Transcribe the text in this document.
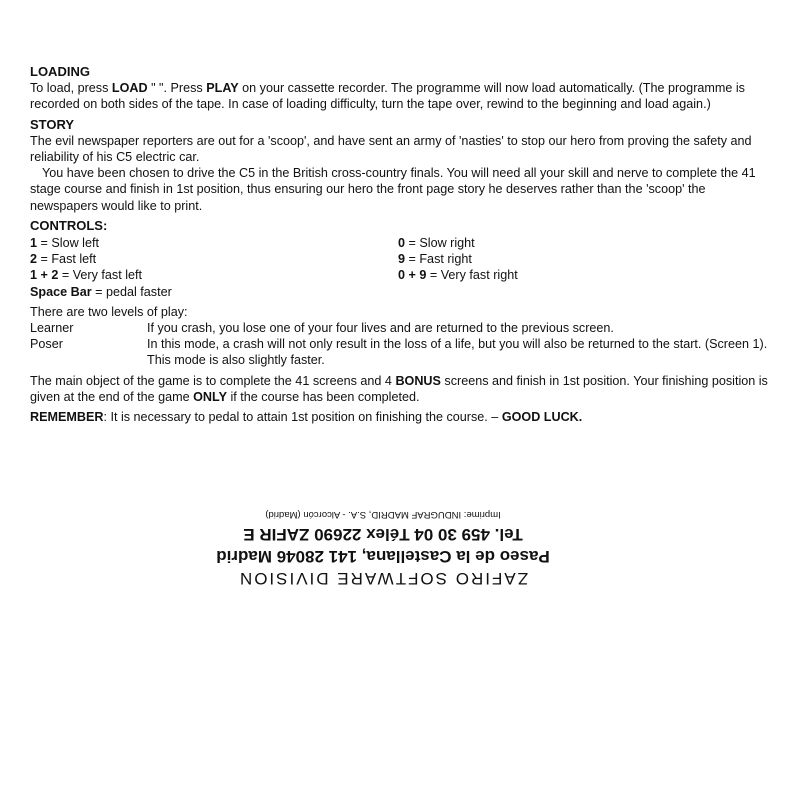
LOADING

To load, press LOAD " ". Press PLAY on your cassette recorder. The programme will now load automatically. (The programme is recorded on both sides of the tape. In case of loading difficulty, turn the tape over, rewind to the beginning and load again.)

STORY

The evil newspaper reporters are out for a 'scoop', and have sent an army of 'nasties' to stop our hero from proving the safety and reliability of his C5 electric car.

You have been chosen to drive the C5 in the British cross-country finals. You will need all your skill and nerve to complete the 41 stage course and finish in 1st position, thus ensuring our hero the front page story he deserves rather than the 'scoop' the newspapers would like to print.

CONTROLS:

1 = Slow left	0 = Slow right
2 = Fast left	9 = Fast right
1 + 2 = Very fast left	0 + 9 = Very fast right
Space Bar = pedal faster

There are two levels of play:

Learner	If you crash, you lose one of your four lives and are returned to the previous screen.
Poser	In this mode, a crash will not only result in the loss of a life, but you will also be returned to the start. (Screen 1). This mode is also slightly faster.

The main object of the game is to complete the 41 screens and 4 BONUS screens and finish in 1st position. Your finishing position is given at the end of the game ONLY if the course has been completed.

REMEMBER: It is necessary to pedal to attain 1st position on finishing the course. – GOOD LUCK.

ZAFIRO SOFTWARE DIVISION
Paseo de la Castellana, 141 28046 Madrid
Tel. 459 30 04 Télex 22690 ZAFIR E
Imprime: INDUGRAF MADRID, S.A. - Alcorcón (Madrid)
